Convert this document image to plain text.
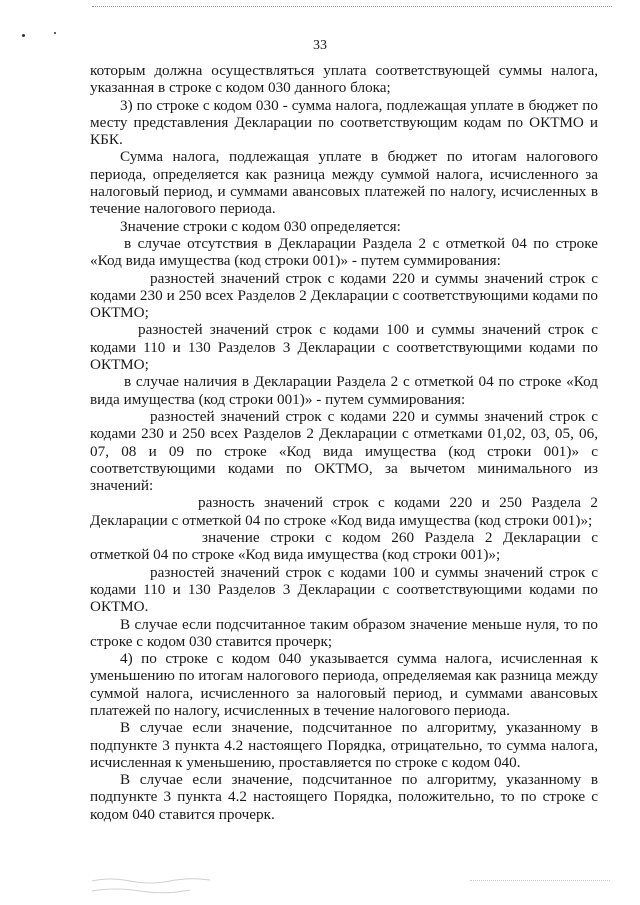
33

которым должна осуществляться уплата соответствующей суммы налога, указанная в строке с кодом 030 данного блока;

3) по строке с кодом 030 - сумма налога, подлежащая уплате в бюджет по месту представления Декларации по соответствующим кодам по ОКТМО и КБК.

Сумма налога, подлежащая уплате в бюджет по итогам налогового периода, определяется как разница между суммой налога, исчисленного за налоговый период, и суммами авансовых платежей по налогу, исчисленных в течение налогового периода.

Значение строки с кодом 030 определяется:

в случае отсутствия в Декларации Раздела 2 с отметкой 04 по строке «Код вида имущества (код строки 001)» - путем суммирования:

разностей значений строк с кодами 220 и суммы значений строк с кодами 230 и 250 всех Разделов 2 Декларации с соответствующими кодами по ОКТМО;

разностей значений строк с кодами 100 и суммы значений строк с кодами 110 и 130 Разделов 3 Декларации с соответствующими кодами по ОКТМО;

в случае наличия в Декларации Раздела 2 с отметкой 04 по строке «Код вида имущества (код строки 001)» - путем суммирования:

разностей значений строк с кодами 220 и суммы значений строк с кодами 230 и 250 всех Разделов 2 Декларации с отметками 01,02, 03, 05, 06, 07, 08 и 09 по строке «Код вида имущества (код строки 001)» с соответствующими кодами по ОКТМО, за вычетом минимального из значений:

разность значений строк с кодами 220 и 250 Раздела 2 Декларации с отметкой 04 по строке «Код вида имущества (код строки 001)»;

значение строки с кодом 260 Раздела 2 Декларации с отметкой 04 по строке «Код вида имущества (код строки 001)»;

разностей значений строк с кодами 100 и суммы значений строк с кодами 110 и 130 Разделов 3 Декларации с соответствующими кодами по ОКТМО.

В случае если подсчитанное таким образом значение меньше нуля, то по строке с кодом 030 ставится прочерк;

4) по строке с кодом 040 указывается сумма налога, исчисленная к уменьшению по итогам налогового периода, определяемая как разница между суммой налога, исчисленного за налоговый период, и суммами авансовых платежей по налогу, исчисленных в течение налогового периода.

В случае если значение, подсчитанное по алгоритму, указанному в подпункте 3 пункта 4.2 настоящего Порядка, отрицательно, то сумма налога, исчисленная к уменьшению, проставляется по строке с кодом 040.

В случае если значение, подсчитанное по алгоритму, указанному в подпункте 3 пункта 4.2 настоящего Порядка, положительно, то по строке с кодом 040 ставится прочерк.
